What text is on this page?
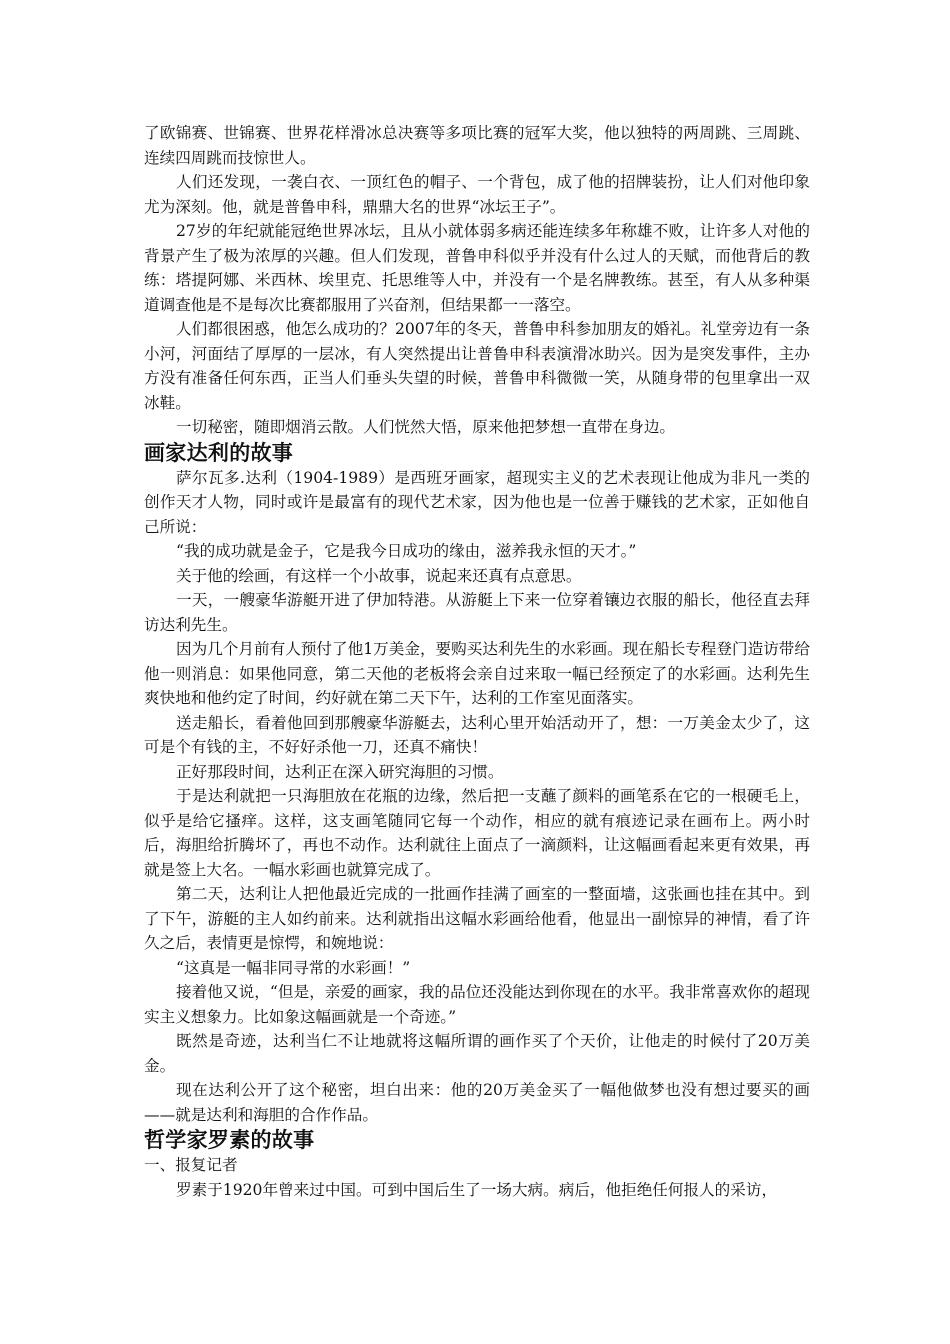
了欧锦赛、世锦赛、世界花样滑冰总决赛等多项比赛的冠军大奖，他以独特的两周跳、三周跳、连续四周跳而技惊世人。

人们还发现，一袭白衣、一顶红色的帽子、一个背包，成了他的招牌装扮，让人们对他印象尤为深刻。他，就是普鲁申科，鼎鼎大名的世界“冰坛王子”。

27岁的年纪就能冠绝世界冰坛，且从小就体弱多病还能连续多年称雄不败，让许多人对他的背景产生了极为浓厚的兴趣。但人们发现，普鲁申科似乎并没有什么过人的天赋，而他背后的教练：塔提阿娜、米西林、埃里克、托思维等人中，并没有一个是名牌教练。甚至，有人从多种渠道调查他是不是每次比赛都服用了兴奋剂，但结果都一一落空。

人们都很困惑，他怎么成功的？2007年的冬天，普鲁申科参加朋友的婚礼。礼堂旁边有一条小河，河面结了厚厚的一层冰，有人突然提出让普鲁申科表演滑冰助兴。因为是突发事件，主办方没有准备任何东西，正当人们垂头失望的时候，普鲁申科微微一笑，从随身带的包里拿出一双冰鞋。

一切秘密，随即烟消云散。人们恍然大悟，原来他把梦想一直带在身边。

画家达利的故事

萨尔瓦多.达利（1904-1989）是西班牙画家，超现实主义的艺术表现让他成为非凡一类的创作天才人物，同时或许是最富有的现代艺术家，因为他也是一位善于赚钱的艺术家，正如他自己所说：

“我的成功就是金子，它是我今日成功的缘由，滋养我永恒的天才。”

关于他的绘画，有这样一个小故事，说起来还真有点意思。

一天，一艘豪华游艇开进了伊加特港。从游艇上下来一位穿着镶边衣服的船长，他径直去拜访达利先生。

因为几个月前有人预付了他1万美金，要购买达利先生的水彩画。现在船长专程登门造访带给他一则消息：如果他同意，第二天他的老板将会亲自过来取一幅已经预定了的水彩画。达利先生爽快地和他约定了时间，约好就在第二天下午，达利的工作室见面落实。

送走船长，看着他回到那艘豪华游艇去，达利心里开始活动开了，想：一万美金太少了，这可是个有钱的主，不好好杀他一刀，还真不痛快！

正好那段时间，达利正在深入研究海胆的习惯。

于是达利就把一只海胆放在花瓶的边缘，然后把一支蘸了颜料的画笔系在它的一根硬毛上，似乎是给它搔痒。这样，这支画笔随同它每一个动作，相应的就有痕迹记录在画布上。两小时后，海胆给折腾坏了，再也不动作。达利就往上面点了一滴颜料，让这幅画看起来更有效果，再就是签上大名。一幅水彩画也就算完成了。

第二天，达利让人把他最近完成的一批画作挂满了画室的一整面墙，这张画也挂在其中。到了下午，游艇的主人如约前来。达利就指出这幅水彩画给他看，他显出一副惊异的神情，看了许久之后，表情更是惊愕，和婉地说：

“这真是一幅非同寻常的水彩画！”

接着他又说，“但是，亲爱的画家，我的品位还没能达到你现在的水平。我非常喜欢你的超现实主义想象力。比如象这幅画就是一个奇迹。”

既然是奇迹，达利当仁不让地就将这幅所谓的画作买了个天价，让他走的时候付了20万美金。

现在达利公开了这个秘密，坦白出来：他的20万美金买了一幅他做梦也没有想过要买的画——就是达利和海胆的合作作品。

哲学家罗素的故事

一、报复记者

罗素于1920年曾来过中国。可到中国后生了一场大病。病后，他拒绝任何报人的采访，
